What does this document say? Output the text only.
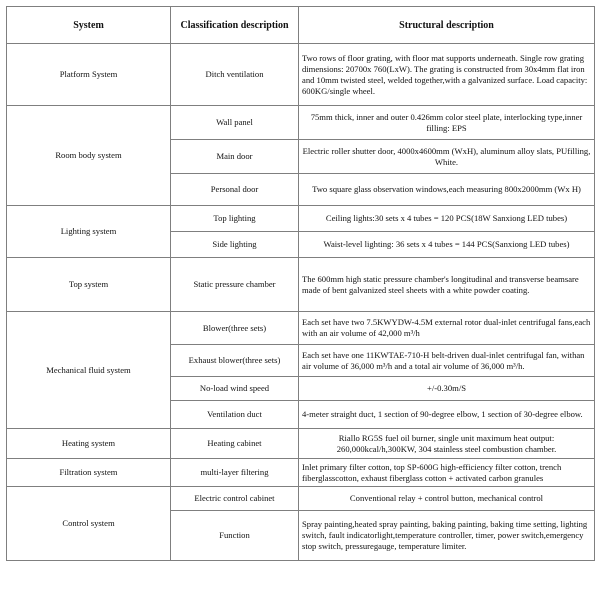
System	Classification description	Structural description
Platform System	Ditch ventilation	Two rows of floor grating, with floor mat supports underneath. Single row grating dimensions: 20700x 760(LxW). The grating is constructed from 30x4mm flat iron and 10mm twisted steel, welded together,with a galvanized surface. Load capacity: 600KG/single wheel.
Room body system	Wall panel	75mm thick, inner and outer 0.426mm color steel plate, interlocking type,inner filling: EPS
	Main door	Electric roller shutter door, 4000x4600mm (WxH), aluminum alloy slats, PUfilling, White.
	Personal door	Two square glass observation windows,each measuring 800x2000mm (Wx H)
Lighting system	Top lighting	Ceiling lights:30 sets x 4 tubes = 120 PCS(18W Sanxiong LED tubes)
	Side lighting	Waist-level lighting: 36 sets x 4 tubes = 144 PCS(Sanxiong LED tubes)
Top system	Static pressure chamber	The 600mm high static pressure chamber's longitudinal and transverse beamsare made of bent galvanized steel sheets with a white powder coating.
Mechanical fluid system	Blower(three sets)	Each set have two 7.5KWYDW-4.5M external rotor dual-inlet centrifugal fans,each with an air volume of 42,000 m³/h
	Exhaust blower(three sets)	Each set have one 11KWTAE-710-H belt-driven dual-inlet centrifugal fan, withan air volume of 36,000 m³/h and a total air volume of 36,000 m³/h.
	No-load wind speed	+/-0.30m/S
	Ventilation duct	4-meter straight duct, 1 section of 90-degree elbow, 1 section of 30-degree elbow.
Heating system	Heating cabinet	Riallo RG5S fuel oil burner, single unit maximum heat output: 260,000kcal/h,300KW, 304 stainless steel combustion chamber.
Filtration system	multi-layer filtering	Inlet primary filter cotton, top SP-600G high-efficiency filter cotton, trench fiberglasscotton, exhaust fiberglass cotton + activated carbon granules
Control system	Electric control cabinet	Conventional relay + control button, mechanical control
	Function	Spray painting,heated spray painting, baking painting, baking time setting, lighting switch, fault indicatorlight,temperature controller, timer, power switch,emergency stop switch, pressuregauge, temperature limiter.
